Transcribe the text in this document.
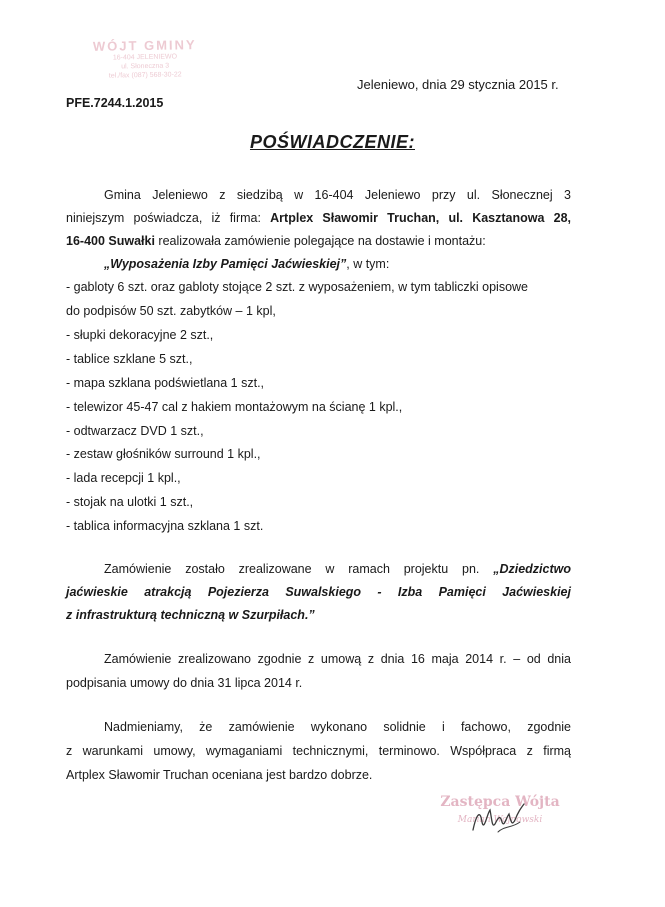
WÓJT GMINY
16-404 JELENIEWO
ul. Słoneczna 3
tel./fax (087) 568-30-22
Jeleniewo, dnia 29 stycznia 2015 r.
PFE.7244.1.2015
POŚWIADCZENIE:
Gmina Jeleniewo z siedzibą w 16-404 Jeleniewo przy ul. Słonecznej 3
niniejszym poświadcza, iż firma: Artplex Sławomir Truchan, ul. Kasztanowa 28,
16-400 Suwałki realizowała zamówienie polegające na dostawie i montażu:
„Wyposażenia Izby Pamięci Jaćwieskiej”, w tym:
- gabloty 6 szt. oraz gabloty stojące 2 szt. z wyposażeniem, w tym tabliczki opisowe
do podpisów 50 szt. zabytków – 1 kpl,
- słupki dekoracyjne 2 szt.,
- tablice szklane 5 szt.,
- mapa szklana podświetlana 1 szt.,
- telewizor 45-47 cal z hakiem montażowym na ścianę 1 kpl.,
- odtwarzacz DVD 1 szt.,
- zestaw głośników surround 1 kpl.,
- lada recepcji 1 kpl.,
- stojak na ulotki 1 szt.,
- tablica informacyjna szklana 1 szt.
Zamówienie zostało zrealizowane w ramach projektu pn. „Dziedzictwo
jaćwieskie atrakcją Pojezierza Suwalskiego - Izba Pamięci Jaćwieskiej
z infrastrukturą techniczną w Szurpiłach.”
Zamówienie zrealizowano zgodnie z umową z dnia 16 maja 2014 r. – od dnia
podpisania umowy do dnia 31 lipca 2014 r.
Nadmieniamy, że zamówienie wykonano solidnie i fachowo, zgodnie
z warunkami umowy, wymaganiami technicznymi, terminowo. Współpraca z firmą
Artplex Sławomir Truchan oceniana jest bardzo dobrze.
Zastępca Wójta
Marian Wojnowski
